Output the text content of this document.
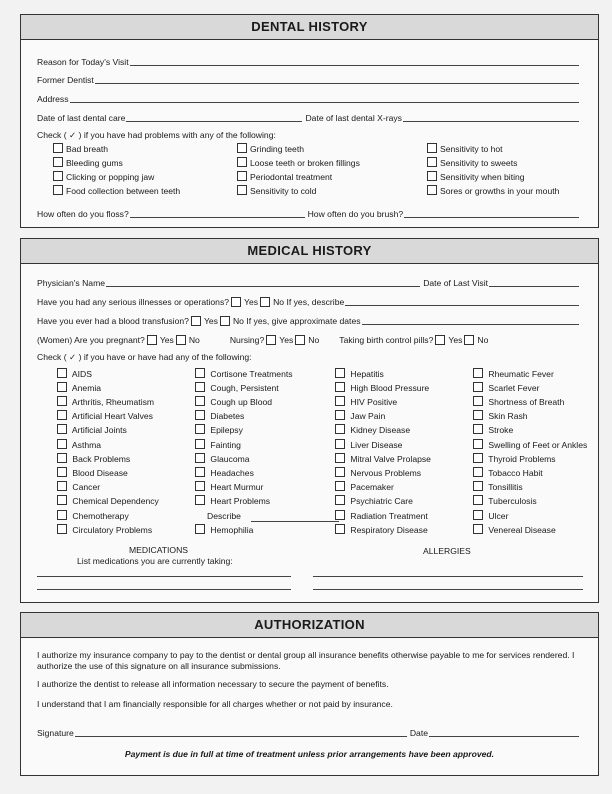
DENTAL HISTORY
Reason for Today's Visit
Former Dentist
Address
Date of last dental care	Date of last dental X-rays
Check ( ✓ ) if you have had problems with any of the following:
Bad breath
Bleeding gums
Clicking or popping jaw
Food collection between teeth
Grinding teeth
Loose teeth or broken fillings
Periodontal treatment
Sensitivity to cold
Sensitivity to hot
Sensitivity to sweets
Sensitivity when biting
Sores or growths in your mouth
How often do you floss?	How often do you brush?
MEDICAL HISTORY
Physician's Name	Date of Last Visit
Have you had any serious illnesses or operations? Yes No
If yes, describe
Have you ever had a blood transfusion? Yes No
If yes, give approximate dates
(Women) Are you pregnant? Yes No	Nursing? Yes No Taking birth control pills? Yes No
Check ( ✓ ) if you have or have had any of the following:
AIDS
Anemia
Arthritis, Rheumatism
Artificial Heart Valves
Artificial Joints
Asthma
Back Problems
Blood Disease
Cancer
Chemical Dependency
Chemotherapy
Circulatory Problems
Cortisone Treatments
Cough, Persistent
Cough up Blood
Diabetes
Epilepsy
Fainting
Glaucoma
Headaches
Heart Murmur
Heart Problems
Describe
Hemophilia
Hepatitis
High Blood Pressure
HIV Positive
Jaw Pain
Kidney Disease
Liver Disease
Mitral Valve Prolapse
Nervous Problems
Pacemaker
Psychiatric Care
Radiation Treatment
Respiratory Disease
Rheumatic Fever
Scarlet Fever
Shortness of Breath
Skin Rash
Stroke
Swelling of Feet or Ankles
Thyroid Problems
Tobacco Habit
Tonsillitis
Tuberculosis
Ulcer
Venereal Disease
MEDICATIONS
List medications you are currently taking:
ALLERGIES
AUTHORIZATION
I authorize my insurance company to pay to the dentist or dental group all insurance benefits otherwise payable to me for services rendered. I authorize the use of this signature on all insurance submissions.
I authorize the dentist to release all information necessary to secure the payment of benefits.
I understand that I am financially responsible for all charges whether or not paid by insurance.
Signature	Date
Payment is due in full at time of treatment unless prior arrangements have been approved.
